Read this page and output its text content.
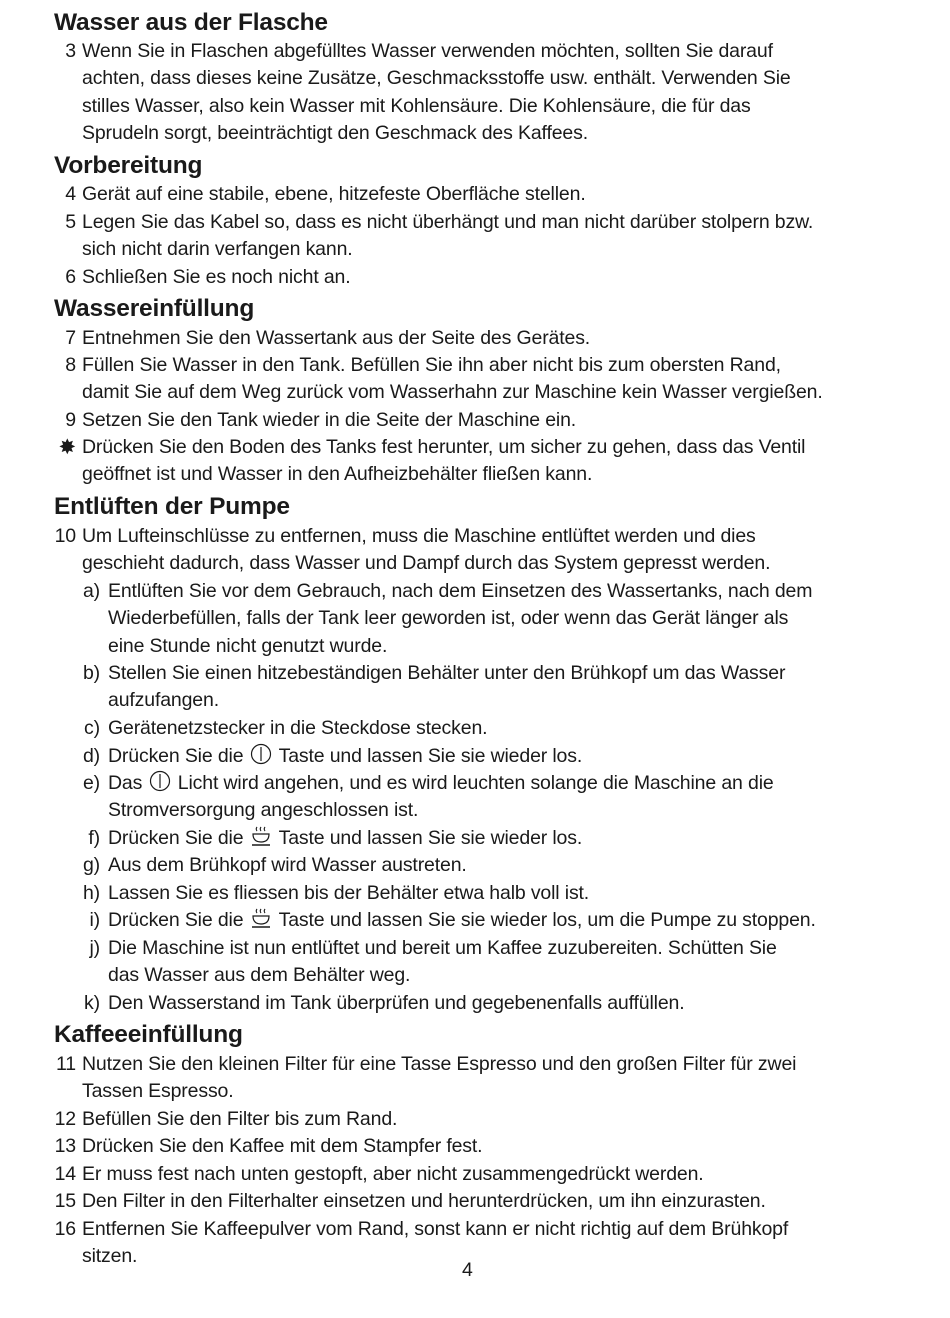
Wasser aus der Flasche
3 Wenn Sie in Flaschen abgefülltes Wasser verwenden möchten, sollten Sie darauf
achten, dass dieses keine Zusätze, Geschmacksstoffe usw. enthält. Verwenden Sie
stilles Wasser, also kein Wasser mit Kohlensäure. Die Kohlensäure, die für das
Sprudeln sorgt, beeinträchtigt den Geschmack des Kaffees.
Vorbereitung
4 Gerät auf eine stabile, ebene, hitzefeste Oberfläche stellen.
5 Legen Sie das Kabel so, dass es nicht überhängt und man nicht darüber stolpern bzw.
sich nicht darin verfangen kann.
6 Schließen Sie es noch nicht an.
Wassereinfüllung
7 Entnehmen Sie den Wassertank aus der Seite des Gerätes.
8 Füllen Sie Wasser in den Tank. Befüllen Sie ihn aber nicht bis zum obersten Rand,
damit Sie auf dem Weg zurück vom Wasserhahn zur Maschine kein Wasser vergießen.
9 Setzen Sie den Tank wieder in die Seite der Maschine ein.
✸ Drücken Sie den Boden des Tanks fest herunter, um sicher zu gehen, dass das Ventil
geöffnet ist und Wasser in den Aufheizbehälter fließen kann.
Entlüften der Pumpe
10 Um Lufteinschlüsse zu entfernen, muss die Maschine entlüftet werden und dies
geschieht dadurch, dass Wasser und Dampf durch das System gepresst werden.
a) Entlüften Sie vor dem Gebrauch, nach dem Einsetzen des Wassertanks, nach dem
Wiederbefüllen, falls der Tank leer geworden ist, oder wenn das Gerät länger als
eine Stunde nicht genutzt wurde.
b) Stellen Sie einen hitzebeständigen Behälter unter den Brühkopf um das Wasser
aufzufangen.
c) Gerätenetzstecker in die Steckdose stecken.
d) Drücken Sie die Taste und lassen Sie sie wieder los.
e) Das Licht wird angehen, und es wird leuchten solange die Maschine an die
Stromversorgung angeschlossen ist.
f) Drücken Sie die Taste und lassen Sie sie wieder los.
g) Aus dem Brühkopf wird Wasser austreten.
h) Lassen Sie es fliessen bis der Behälter etwa halb voll ist.
i) Drücken Sie die Taste und lassen Sie sie wieder los, um die Pumpe zu stoppen.
j) Die Maschine ist nun entlüftet und bereit um Kaffee zuzubereiten. Schütten Sie
das Wasser aus dem Behälter weg.
k) Den Wasserstand im Tank überprüfen und gegebenenfalls auffüllen.
Kaffeeeinfüllung
11 Nutzen Sie den kleinen Filter für eine Tasse Espresso und den großen Filter für zwei
Tassen Espresso.
12 Befüllen Sie den Filter bis zum Rand.
13 Drücken Sie den Kaffee mit dem Stampfer fest.
14 Er muss fest nach unten gestopft, aber nicht zusammengedrückt werden.
15 Den Filter in den Filterhalter einsetzen und herunterdrücken, um ihn einzurasten.
16 Entfernen Sie Kaffeepulver vom Rand, sonst kann er nicht richtig auf dem Brühkopf
sitzen.
4
